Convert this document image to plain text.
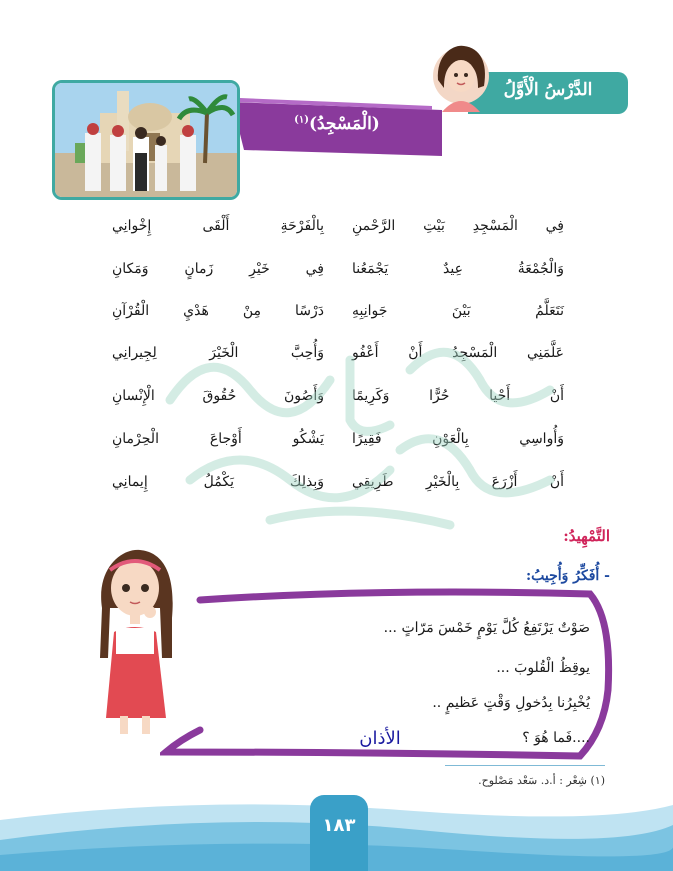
الدَّرْسُ الْأَوَّلُ
(الْمَسْجِدُ)$^{(١)}$
فِي الْمَسْجِدِ بَيْتِ الرَّحْمنِ
بِالْفَرْحَةِ أَلْقَى إِخْوانِي
وَالْجُمْعَةُ عِيدٌ يَجْمَعُنا
فِي خَيْرِ زَمانٍ وَمَكانِ
نَتَعَلَّمُ بَيْنَ جَوانِبِهِ
دَرْسًا مِنْ هَدْيِ الْقُرْآنِ
عَلَّمَنِي الْمَسْجِدُ أَنْ أَعْفُو
وَأُحِبَّ الْخَيْرَ لِجِيرانِي
أَنْ أَحْيا حُرًّا وَكَرِيمًا
وَأَصُونَ حُقُوقَ الْإِنْسانِ
وَأُواسِي بِالْعَوْنِ فَقِيرًا
يَشْكُو أَوْجاعَ الْحِرْمانِ
أَنْ أَزْرَعَ بِالْخَيْرِ طَرِيقِي
وَبِذلِكَ يَكْمُلُ إِيمانِي
التَّمْهِيدُ:
- أُفَكِّرُ وَأُجِيبُ:
صَوْتٌ يَرْتَفِعُ كُلَّ يَوْمٍ خَمْسَ مَرّاتٍ ...
يوقِظُ الْقُلوبَ ...
يُخْبِرُنا بِدُخولِ وَقْتٍ عَظيمٍ ..
....فَما هُوَ ؟
الأذان
(١) شِعْر : أ.د. سَعْد مَصْلوح.
١٨٣
